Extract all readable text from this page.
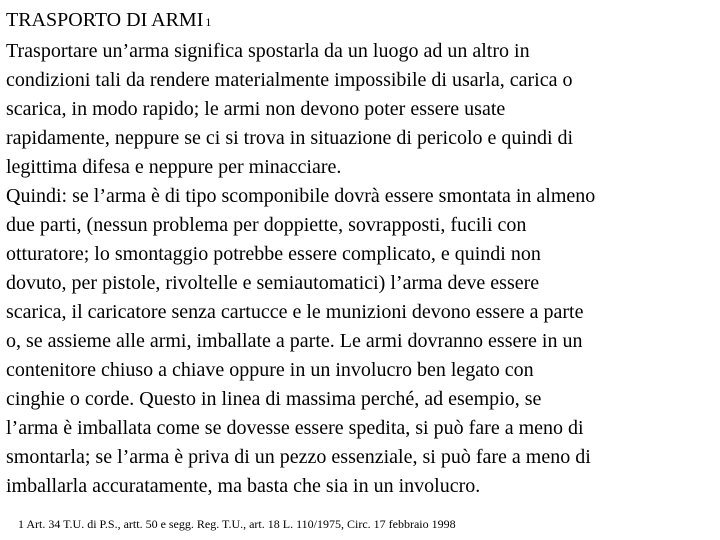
TRASPORTO DI ARMI 1
Trasportare un’arma significa spostarla da un luogo ad un altro in
condizioni tali da rendere materialmente impossibile di usarla, carica o
scarica, in modo rapido; le armi non devono poter essere usate
rapidamente, neppure se ci si trova in situazione di pericolo e quindi di
legittima difesa e neppure per minacciare.
Quindi: se l’arma è di tipo scomponibile dovrà essere smontata in almeno
due parti, (nessun problema per doppiette, sovrapposti, fucili con
otturatore; lo smontaggio potrebbe essere complicato, e quindi non
dovuto, per pistole, rivoltelle e semiautomatici) l’arma deve essere
scarica, il caricatore senza cartucce e le munizioni devono essere a parte
o, se assieme alle armi, imballate a parte. Le armi dovranno essere in un
contenitore chiuso a chiave oppure in un involucro ben legato con
cinghie o corde. Questo in linea di massima perché, ad esempio, se
l’arma è imballata come se dovesse essere spedita, si può fare a meno di
smontarla; se l’arma è priva di un pezzo essenziale, si può fare a meno di
imballarla accuratamente, ma basta che sia in un involucro.
1 Art. 34 T.U. di P.S., artt. 50 e segg. Reg. T.U., art. 18 L. 110/1975, Circ. 17 febbraio 1998
